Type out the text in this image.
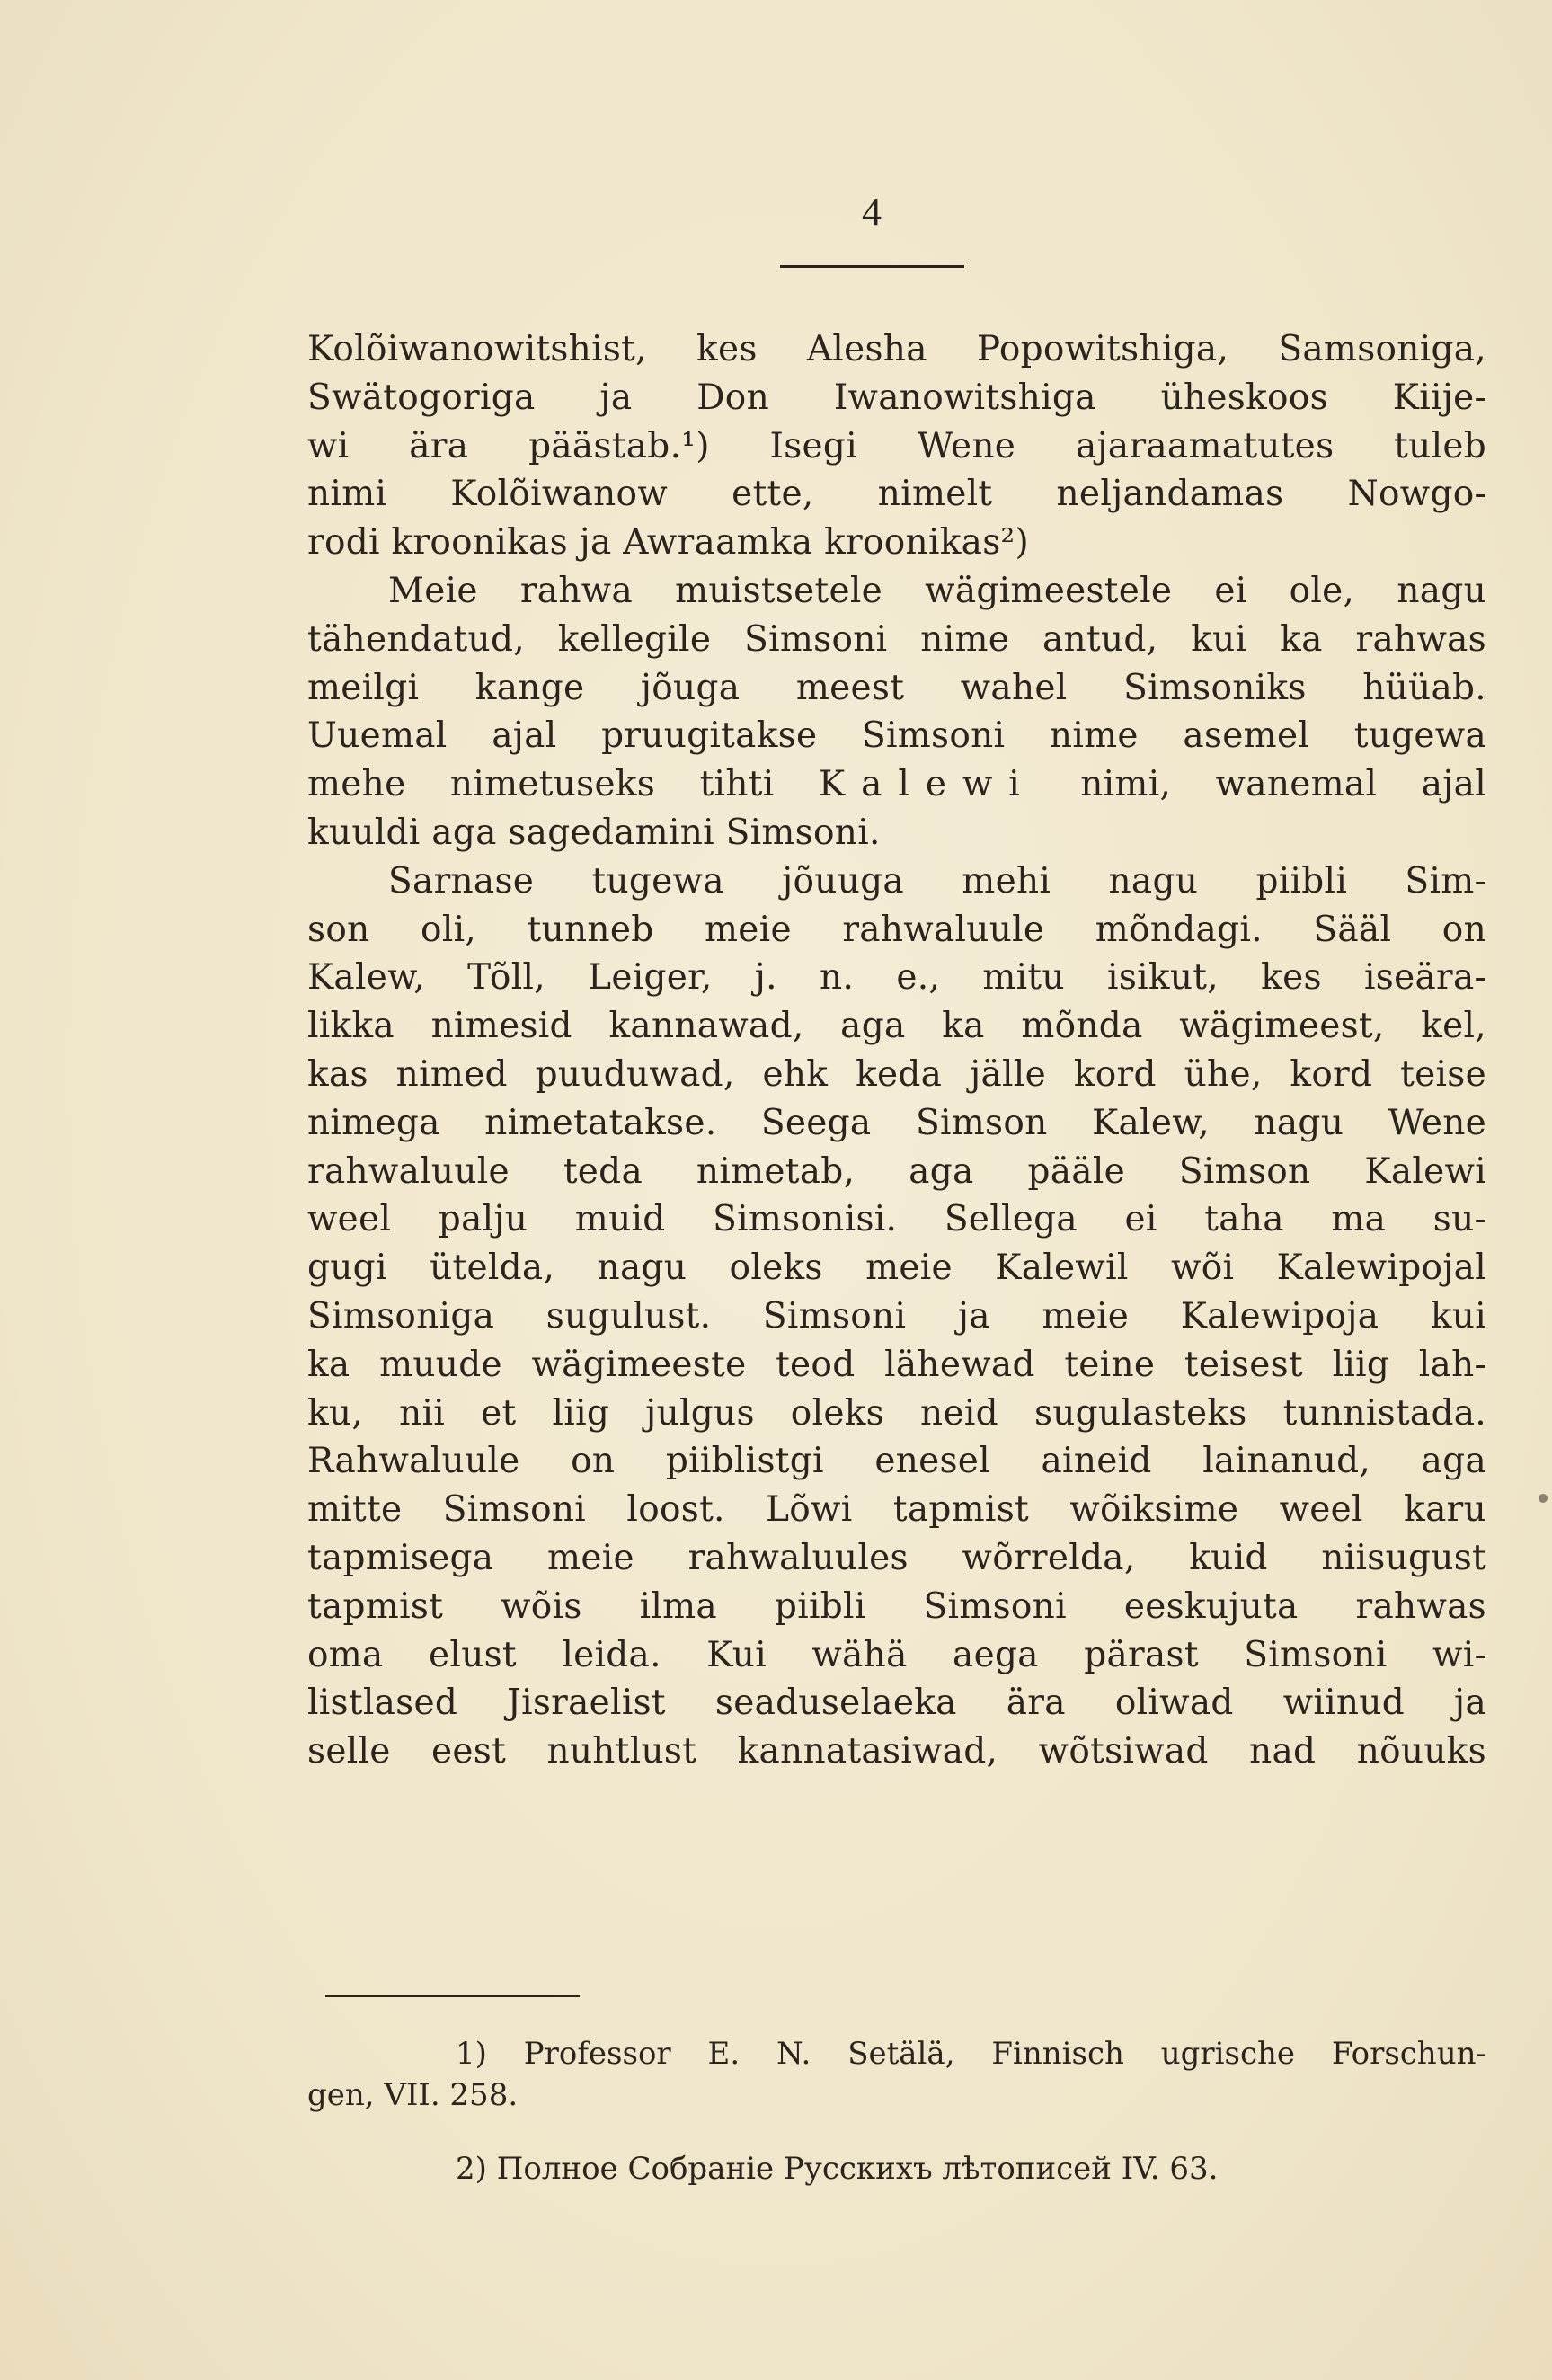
4
Kolõiwanowitshist, kes Alesha Popowitshiga, Samsoniga,
Swätogoriga ja Don Iwanowitshiga üheskoos Kiije-
wi ära päästab.¹) Isegi Wene ajaraamatutes tuleb
nimi Kolõiwanow ette, nimelt neljandamas Nowgo-
rodi kroonikas ja Awraamka kroonikas²)
Meie rahwa muistsetele wägimeestele ei ole, nagu
tähendatud, kellegile Simsoni nime antud, kui ka rahwas
meilgi kange jõuga meest wahel Simsoniks hüüab.
Uuemal ajal pruugitakse Simsoni nime asemel tugewa
mehe nimetuseks tihti Kalewi nimi, wanemal ajal
kuuldi aga sagedamini Simsoni.
Sarnase tugewa jõuuga mehi nagu piibli Sim-
son oli, tunneb meie rahwaluule mõndagi. Sääl on
Kalew, Tõll, Leiger, j. n. e., mitu isikut, kes iseära-
likka nimesid kannawad, aga ka mõnda wägimeest, kel,
kas nimed puuduwad, ehk keda jälle kord ühe, kord teise
nimega nimetatakse. Seega Simson Kalew, nagu Wene
rahwaluule teda nimetab, aga pääle Simson Kalewi
weel palju muid Simsonisi. Sellega ei taha ma su-
gugi ütelda, nagu oleks meie Kalewil wõi Kalewipojal
Simsoniga sugulust. Simsoni ja meie Kalewipoja kui
ka muude wägimeeste teod lähewad teine teisest liig lah-
ku, nii et liig julgus oleks neid sugulasteks tunnistada.
Rahwaluule on piiblistgi enesel aineid lainanud, aga
mitte Simsoni loost. Lõwi tapmist wõiksime weel karu
tapmisega meie rahwaluules wõrrelda, kuid niisugust
tapmist wõis ilma piibli Simsoni eeskujuta rahwas
oma elust leida. Kui wähä aega pärast Simsoni wi-
listlased Jisraelist seaduselaeka ära oliwad wiinud ja
selle eest nuhtlust kannatasiwad, wõtsiwad nad nõuuks
1) Professor E. N. Setälä, Finnisch ugrische Forschun-
gen, VII. 258.
2) Полное Собраніе Русскихъ лѣтописей IV. 63.
